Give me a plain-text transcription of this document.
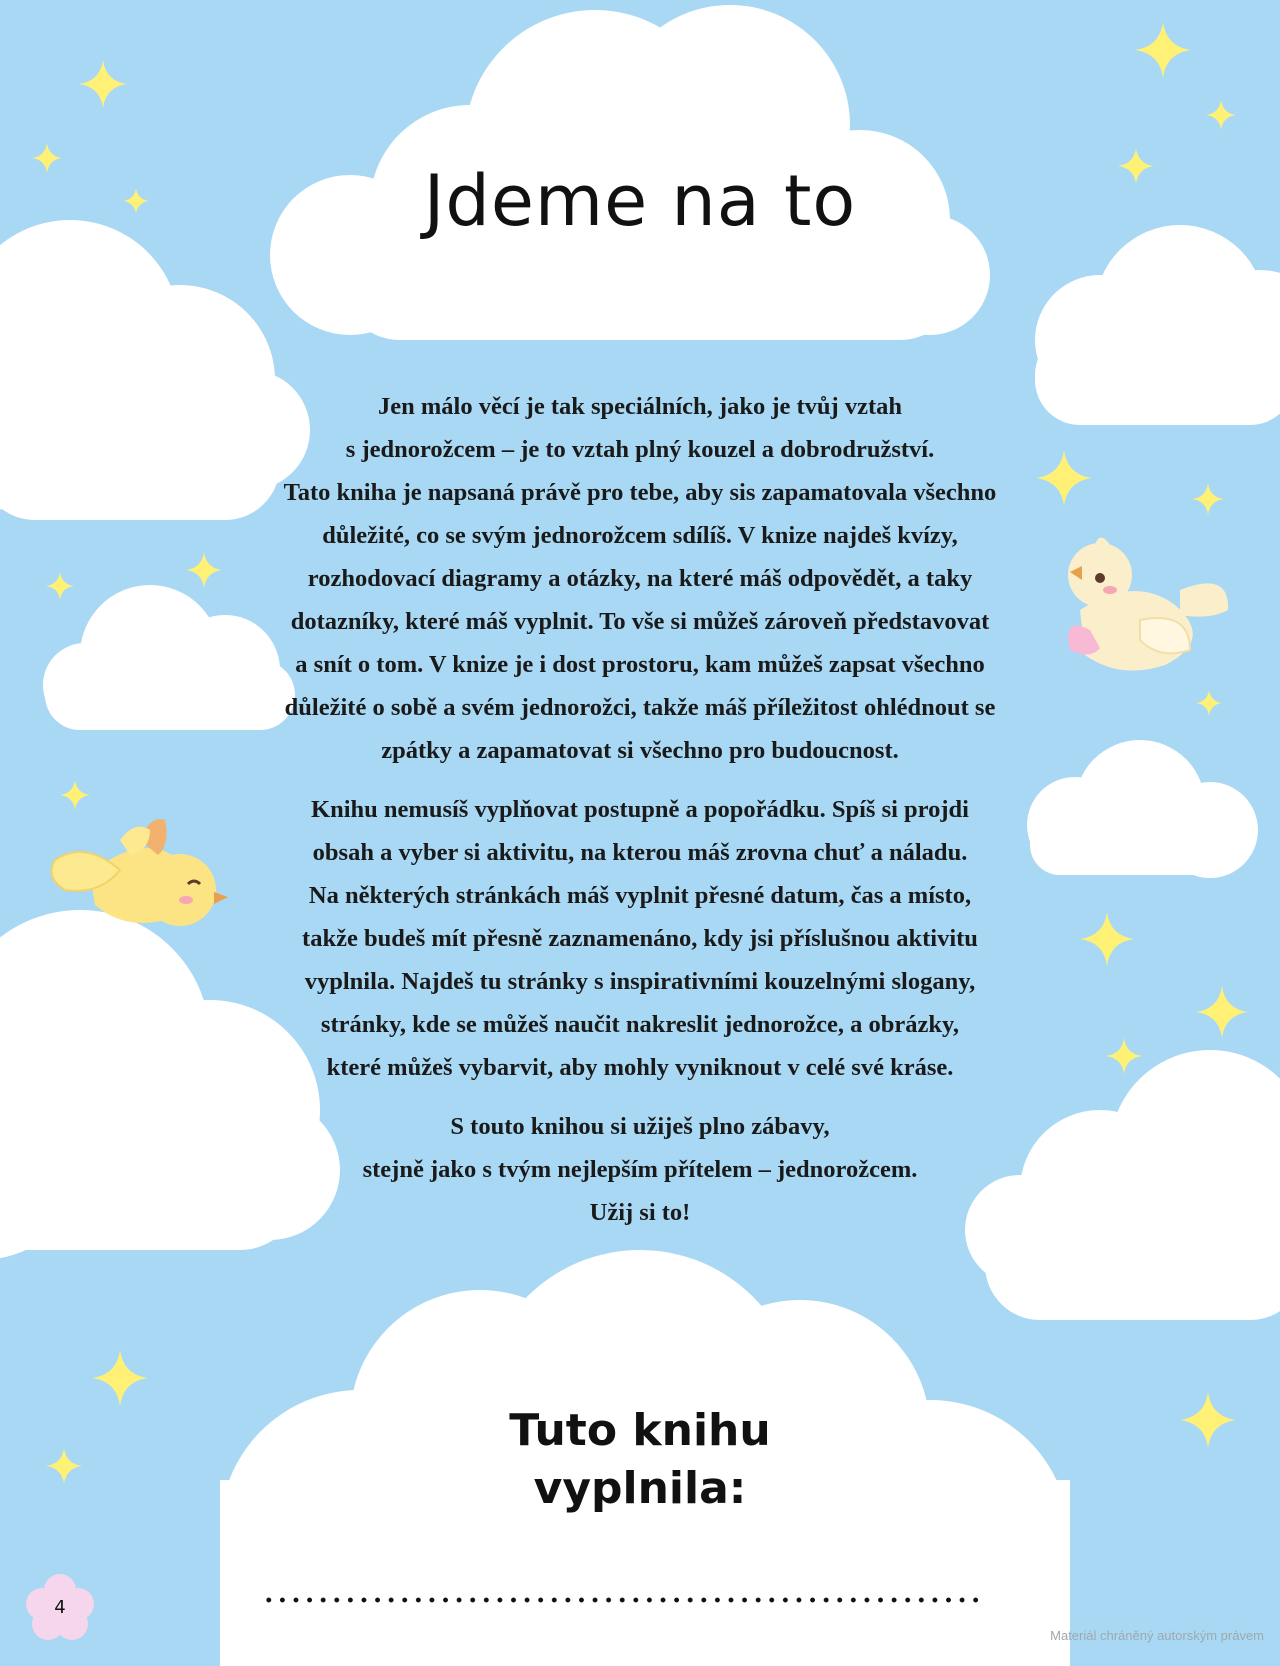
Jdeme na to

Jen málo věcí je tak speciálních, jako je tvůj vztah
s jednorožcem – je to vztah plný kouzel a dobrodružství.
Tato kniha je napsaná právě pro tebe, aby sis zapamatovala všechno
důležité, co se svým jednorožcem sdílíš. V knize najdeš kvízy,
rozhodovací diagramy a otázky, na které máš odpovědět, a taky
dotazníky, které máš vyplnit. To vše si můžeš zároveň představovat
a snít o tom. V knize je i dost prostoru, kam můžeš zapsat všechno
důležité o sobě a svém jednorožci, takže máš příležitost ohlédnout se
zpátky a zapamatovat si všechno pro budoucnost.

Knihu nemusíš vyplňovat postupně a popořádku. Spíš si projdi
obsah a vyber si aktivitu, na kterou máš zrovna chuť a náladu.
Na některých stránkách máš vyplnit přesné datum, čas a místo,
takže budeš mít přesně zaznamenáno, kdy jsi příslušnou aktivitu
vyplnila. Najdeš tu stránky s inspirativními kouzelnými slogany,
stránky, kde se můžeš naučit nakreslit jednorožce, a obrázky,
které můžeš vybarvit, aby mohly vyniknout v celé své kráse.

S touto knihou si užiješ plno zábavy,
stejně jako s tvým nejlepším přítelem – jednorožcem.
Užij si to!

Tuto knihu
vyplnila:
4
Materiál chráněný autorským právem
